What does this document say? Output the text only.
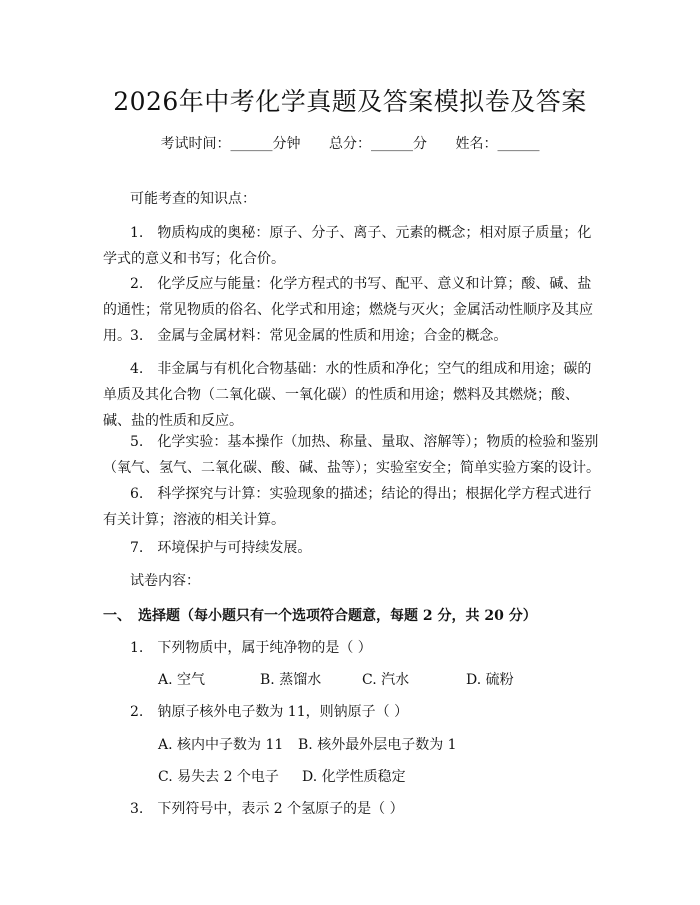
2026年中考化学真题及答案模拟卷及答案
考试时间：______分钟 总分：______分 姓名：______

可能考查的知识点：

1.　物质构成的奥秘：原子、分子、离子、元素的概念；相对原子质量；化学式的意义和书写；化合价。

2.　化学反应与能量：化学方程式的书写、配平、意义和计算；酸、碱、盐的通性；常见物质的俗名、化学式和用途；燃烧与灭火；金属活动性顺序及其应用。 3.　金属与金属材料：常见金属的性质和用途；合金的概念。

4.　非金属与有机化合物基础：水的性质和净化；空气的组成和用途；碳的单质及其化合物（二氧化碳、一氧化碳）的性质和用途；燃料及其燃烧；酸、碱、盐的性质和反应。

5.　化学实验：基本操作（加热、称量、量取、溶解等）；物质的检验和鉴别（氧气、氢气、二氧化碳、酸、碱、盐等）；实验室安全；简单实验方案的设计。

6.　科学探究与计算：实验现象的描述；结论的得出；根据化学方程式进行有关计算；溶液的相关计算。

7.　环境保护与可持续发展。

试卷内容：

一、　选择题（每小题只有一个选项符合题意，每题 2 分，共 20 分）
1.　下列物质中，属于纯净物的是（ ）
A. 空气	B. 蒸馏水	C. 汽水	D. 硫粉
2.　钠原子核外电子数为 11，则钠原子（ ）
A. 核内中子数为 11 B. 核外最外层电子数为 1
C. 易失去 2 个电子 D. 化学性质稳定
3.　下列符号中，表示 2 个氢原子的是（ ）
